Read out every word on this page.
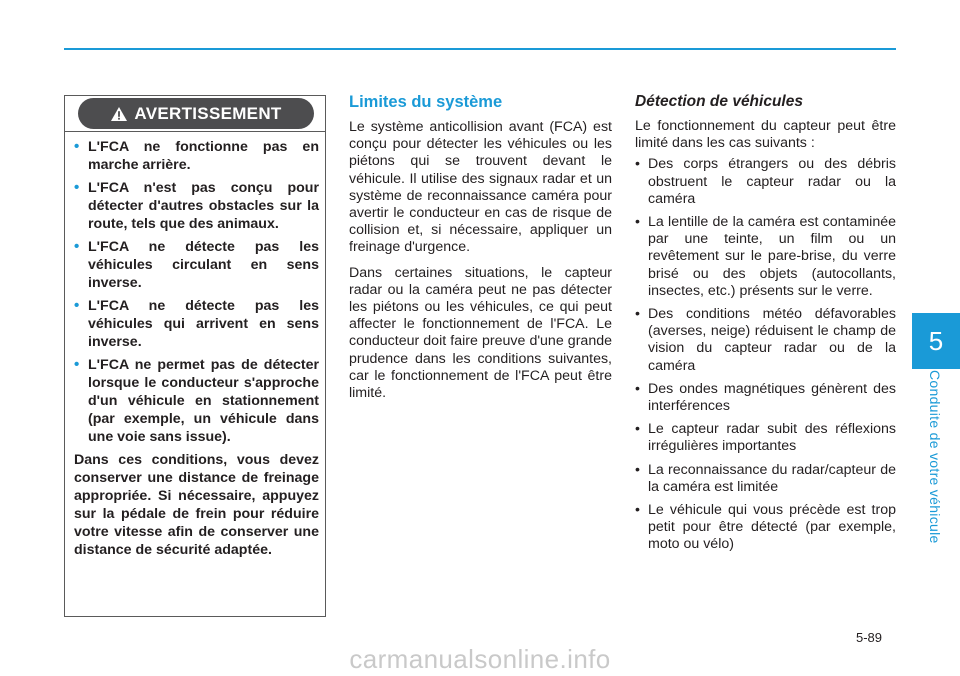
AVERTISSEMENT
• L'FCA ne fonctionne pas en marche arrière.
• L'FCA n'est pas conçu pour détecter d'autres obstacles sur la route, tels que des animaux.
• L'FCA ne détecte pas les véhicules circulant en sens inverse.
• L'FCA ne détecte pas les véhicules qui arrivent en sens inverse.
• L'FCA ne permet pas de détecter lorsque le conducteur s'approche d'un véhicule en stationnement (par exemple, un véhicule dans une voie sans issue).

Dans ces conditions, vous devez conserver une distance de freinage appropriée. Si nécessaire, appuyez sur la pédale de frein pour réduire votre vitesse afin de conserver une distance de sécurité adaptée.

Limites du système

Le système anticollision avant (FCA) est conçu pour détecter les véhicules ou les piétons qui se trouvent devant le véhicule. Il utilise des signaux radar et un système de reconnaissance caméra pour avertir le conducteur en cas de risque de collision et, si nécessaire, appliquer un freinage d'urgence.

Dans certaines situations, le capteur radar ou la caméra peut ne pas détecter les piétons ou les véhicules, ce qui peut affecter le fonctionnement de l'FCA. Le conducteur doit faire preuve d'une grande prudence dans les conditions suivantes, car le fonctionnement de l'FCA peut être limité.

Détection de véhicules

Le fonctionnement du capteur peut être limité dans les cas suivants :

• Des corps étrangers ou des débris obstruent le capteur radar ou la caméra
• La lentille de la caméra est contaminée par une teinte, un film ou un revêtement sur le pare-brise, du verre brisé ou des objets (autocollants, insectes, etc.) présents sur le verre.
• Des conditions météo défavorables (averses, neige) réduisent le champ de vision du capteur radar ou de la caméra
• Des ondes magnétiques génèrent des interférences
• Le capteur radar subit des réflexions irrégulières importantes
• La reconnaissance du radar/capteur de la caméra est limitée
• Le véhicule qui vous précède est trop petit pour être détecté (par exemple, moto ou vélo)
5
Conduite de votre véhicule
5-89
carmanualsonline.info
